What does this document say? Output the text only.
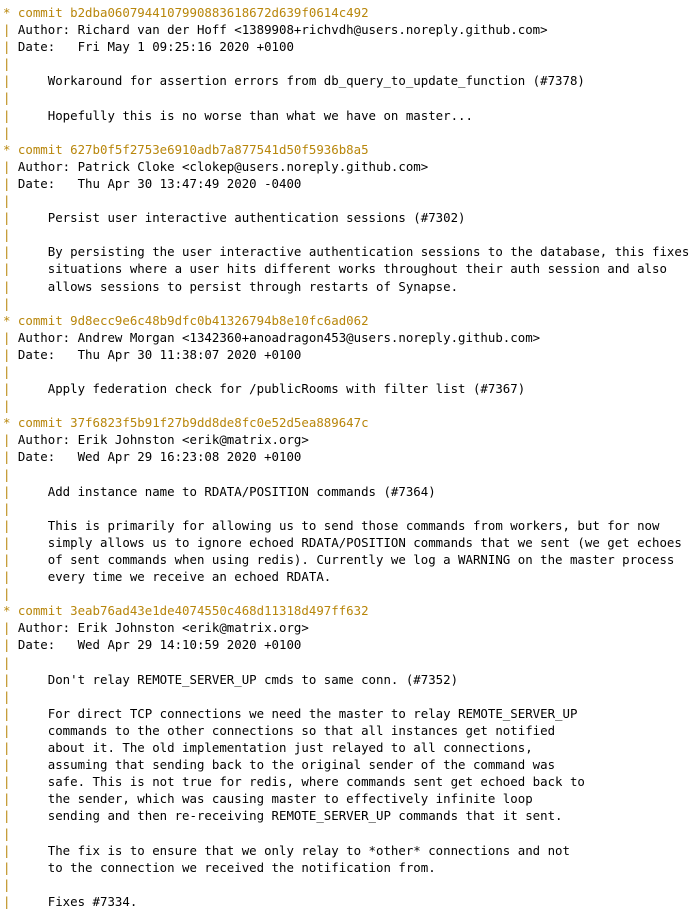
* commit b2dba0607944107990883618672d639f0614c492
| Author: Richard van der Hoff <1389908+richvdh@users.noreply.github.com>
| Date:   Fri May 1 09:25:16 2020 +0100
|
|     Workaround for assertion errors from db_query_to_update_function (#7378)
|
|     Hopefully this is no worse than what we have on master...
|
* commit 627b0f5f2753e6910adb7a877541d50f5936b8a5
| Author: Patrick Cloke <clokep@users.noreply.github.com>
| Date:   Thu Apr 30 13:47:49 2020 -0400
|
|     Persist user interactive authentication sessions (#7302)
|
|     By persisting the user interactive authentication sessions to the database, this fixes
|     situations where a user hits different works throughout their auth session and also
|     allows sessions to persist through restarts of Synapse.
|
* commit 9d8ecc9e6c48b9dfc0b41326794b8e10fc6ad062
| Author: Andrew Morgan <1342360+anoadragon453@users.noreply.github.com>
| Date:   Thu Apr 30 11:38:07 2020 +0100
|
|     Apply federation check for /publicRooms with filter list (#7367)
|
* commit 37f6823f5b91f27b9dd8de8fc0e52d5ea889647c
| Author: Erik Johnston <erik@matrix.org>
| Date:   Wed Apr 29 16:23:08 2020 +0100
|
|     Add instance name to RDATA/POSITION commands (#7364)
|
|     This is primarily for allowing us to send those commands from workers, but for now
|     simply allows us to ignore echoed RDATA/POSITION commands that we sent (we get echoes
|     of sent commands when using redis). Currently we log a WARNING on the master process
|     every time we receive an echoed RDATA.
|
* commit 3eab76ad43e1de4074550c468d11318d497ff632
| Author: Erik Johnston <erik@matrix.org>
| Date:   Wed Apr 29 14:10:59 2020 +0100
|
|     Don't relay REMOTE_SERVER_UP cmds to same conn. (#7352)
|
|     For direct TCP connections we need the master to relay REMOTE_SERVER_UP
|     commands to the other connections so that all instances get notified
|     about it. The old implementation just relayed to all connections,
|     assuming that sending back to the original sender of the command was
|     safe. This is not true for redis, where commands sent get echoed back to
|     the sender, which was causing master to effectively infinite loop
|     sending and then re-receiving REMOTE_SERVER_UP commands that it sent.
|
|     The fix is to ensure that we only relay to *other* connections and not
|     to the connection we received the notification from.
|
|     Fixes #7334.
